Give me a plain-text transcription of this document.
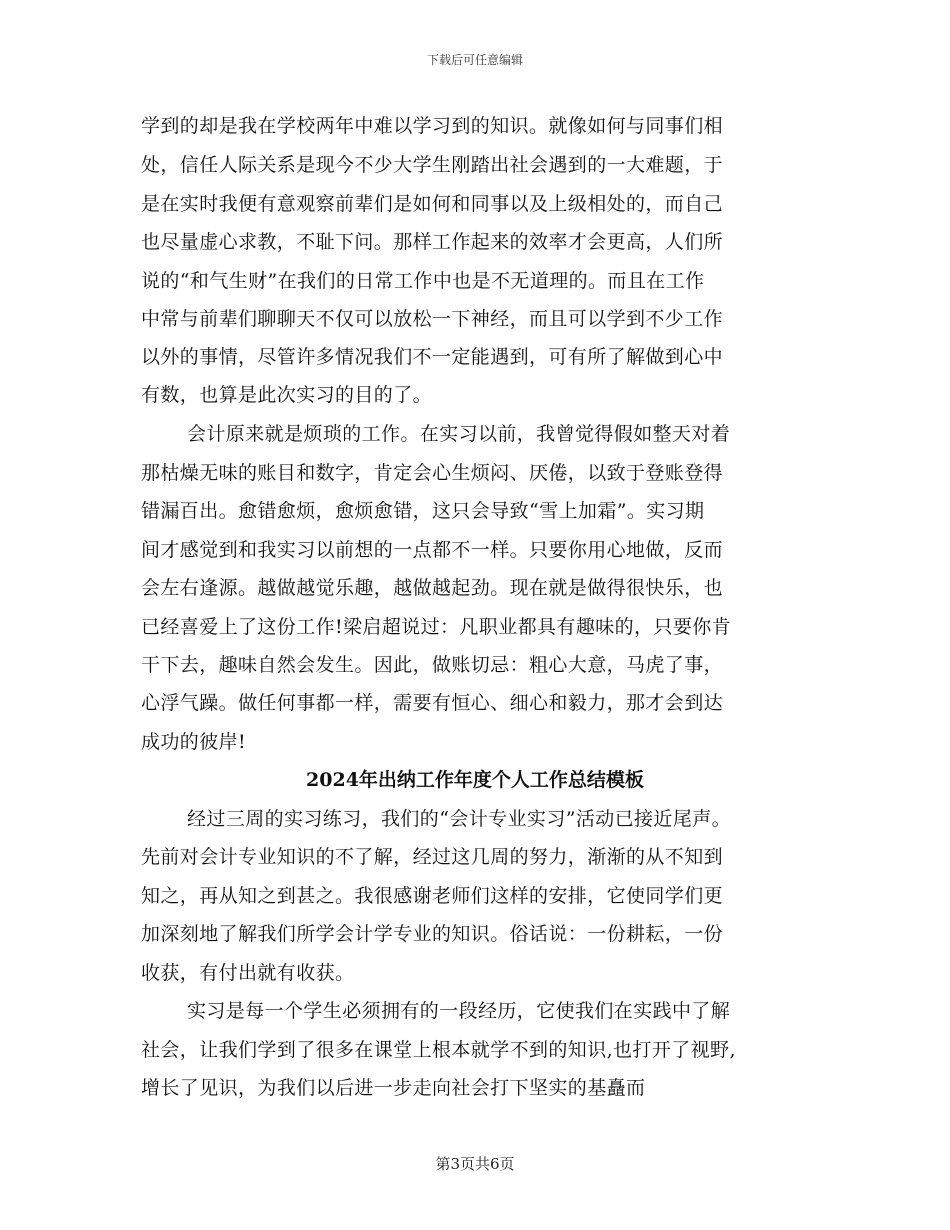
下载后可任意编辑
学到的却是我在学校两年中难以学习到的知识。就像如何与同事们相
处，信任人际关系是现今不少大学生刚踏出社会遇到的一大难题，于
是在实时我便有意观察前辈们是如何和同事以及上级相处的，而自己
也尽量虚心求教，不耻下问。那样工作起来的效率才会更高，人们所
说的“和气生财”在我们的日常工作中也是不无道理的。而且在工作
中常与前辈们聊聊天不仅可以放松一下神经，而且可以学到不少工作
以外的事情，尽管许多情况我们不一定能遇到，可有所了解做到心中
有数，也算是此次实习的目的了。
会计原来就是烦琐的工作。在实习以前，我曾觉得假如整天对着
那枯燥无味的账目和数字，肯定会心生烦闷、厌倦，以致于登账登得
错漏百出。愈错愈烦，愈烦愈错，这只会导致“雪上加霜”。实习期
间才感觉到和我实习以前想的一点都不一样。只要你用心地做，反而
会左右逢源。越做越觉乐趣，越做越起劲。现在就是做得很快乐，也
已经喜爱上了这份工作!梁启超说过：凡职业都具有趣味的，只要你肯
干下去，趣味自然会发生。因此，做账切忌：粗心大意，马虎了事，
心浮气躁。做任何事都一样，需要有恒心、细心和毅力，那才会到达
成功的彼岸!
2024年出纳工作年度个人工作总结模板
经过三周的实习练习，我们的“会计专业实习”活动已接近尾声。
先前对会计专业知识的不了解，经过这几周的努力，渐渐的从不知到
知之，再从知之到甚之。我很感谢老师们这样的安排，它使同学们更
加深刻地了解我们所学会计学专业的知识。俗话说：一份耕耘，一份
收获，有付出就有收获。
实习是每一个学生必须拥有的一段经历，它使我们在实践中了解
社会，让我们学到了很多在课堂上根本就学不到的知识,也打开了视野,
增长了见识，为我们以后进一步走向社会打下坚实的基矗而
第3页共6页
